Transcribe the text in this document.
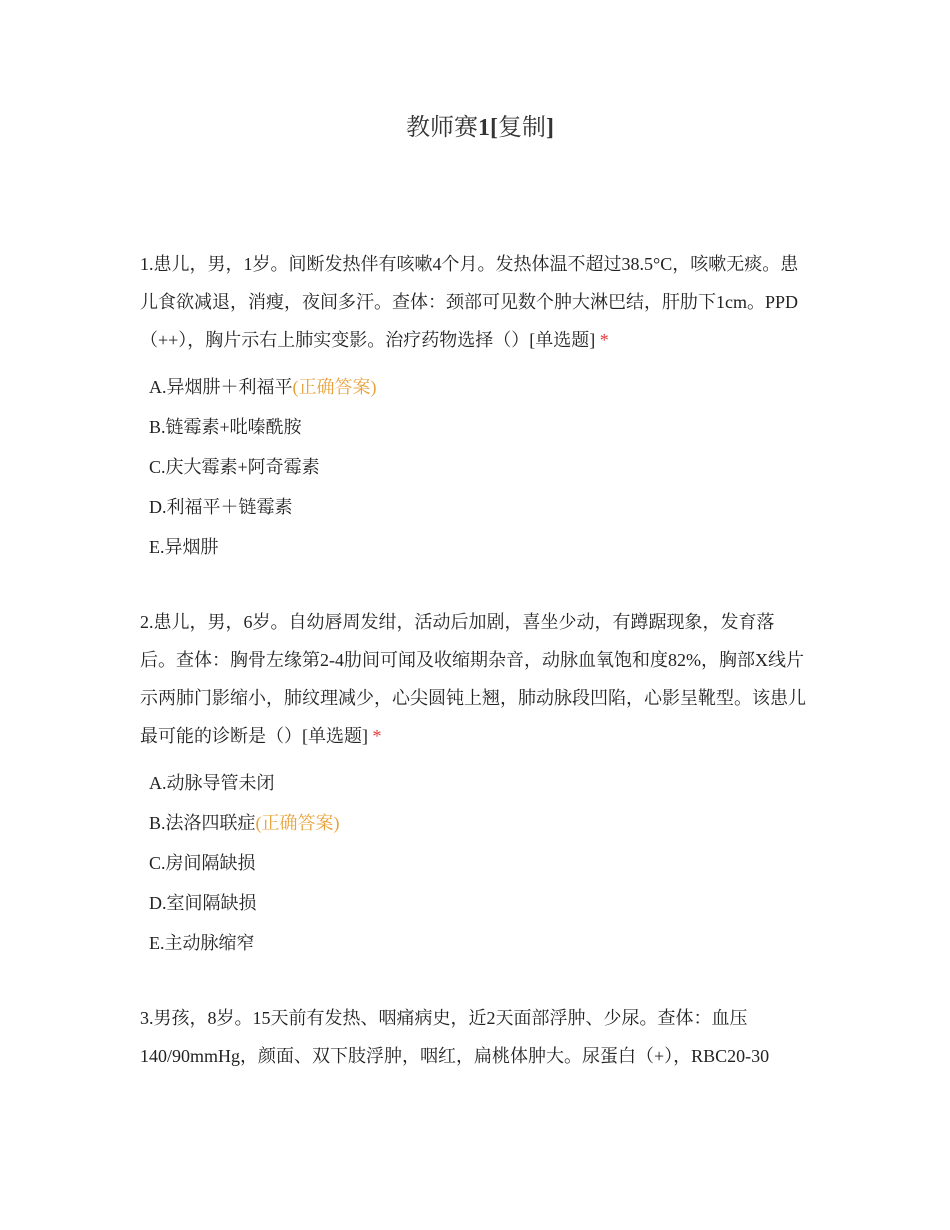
教师赛1[复制]

1.患儿，男，1岁。间断发热伴有咳嗽4个月。发热体温不超过38.5°C，咳嗽无痰。患儿食欲减退，消瘦，夜间多汗。查体：颈部可见数个肿大淋巴结，肝肋下1cm。PPD（++），胸片示右上肺实变影。治疗药物选择（）[单选题] *

A.异烟肼＋利福平(正确答案)
B.链霉素+吡嗪酰胺
C.庆大霉素+阿奇霉素
D.利福平＋链霉素
E.异烟肼

2.患儿，男，6岁。自幼唇周发绀，活动后加剧，喜坐少动，有蹲踞现象，发育落后。查体：胸骨左缘第2-4肋间可闻及收缩期杂音，动脉血氧饱和度82%，胸部X线片示两肺门影缩小，肺纹理减少，心尖圆钝上翘，肺动脉段凹陷，心影呈靴型。该患儿最可能的诊断是（）[单选题] *

A.动脉导管未闭
B.法洛四联症(正确答案)
C.房间隔缺损
D.室间隔缺损
E.主动脉缩窄

3.男孩，8岁。15天前有发热、咽痛病史，近2天面部浮肿、少尿。查体：血压140/90mmHg，颜面、双下肢浮肿，咽红，扁桃体肿大。尿蛋白（+），RBC20-30
